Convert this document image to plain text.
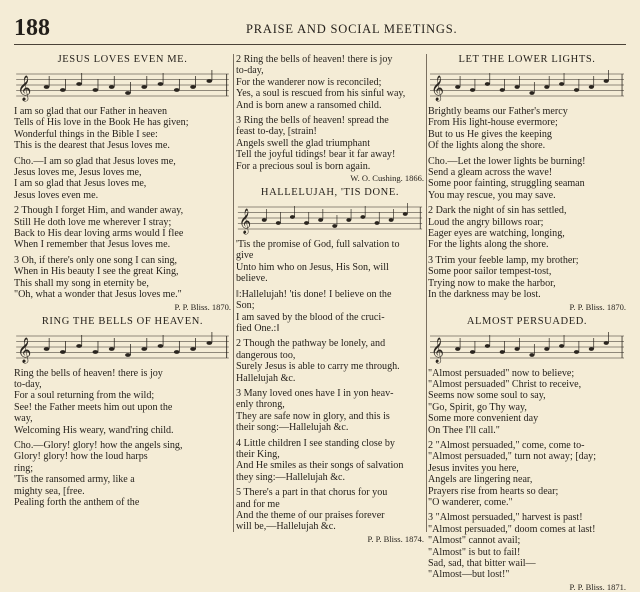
188	PRAISE AND SOCIAL MEETINGS.
JESUS LOVES EVEN ME.
𝄞
I am so glad that our Father in heaven
Tells of His love in the Book He has given;
Wonderful things in the Bible I see:
This is the dearest that Jesus loves me.
Cho.—I am so glad that Jesus loves me,
Jesus loves me, Jesus loves me,
I am so glad that Jesus loves me,
Jesus loves even me.
2 Though I forget Him, and wander away,
Still He doth love me wherever I stray;
Back to His dear loving arms would I flee
When I remember that Jesus loves me.
3 Oh, if there's only one song I can sing,
When in His beauty I see the great King,
This shall my song in eternity be,
"Oh, what a wonder that Jesus loves me."
P. P. Bliss. 1870.
RING THE BELLS OF HEAVEN.
𝄞
Ring the bells of heaven! there is joy
to-day,
For a soul returning from the wild;
See! the Father meets him out upon the
way,
Welcoming His weary, wand'ring child.
Cho.—Glory! glory! how the angels sing,
Glory! glory! how the loud harps
ring;
'Tis the ransomed army, like a
mighty sea, [free.
Pealing forth the anthem of the
2 Ring the bells of heaven! there is joy
to-day,
For the wanderer now is reconciled;
Yes, a soul is rescued from his sinful way,
And is born anew a ransomed child.
3 Ring the bells of heaven! spread the
feast to-day, [strain!
Angels swell the glad triumphant
Tell the joyful tidings! bear it far away!
For a precious soul is born again.
W. O. Cushing. 1866.
HALLELUJAH, 'TIS DONE.
𝄞
'Tis the promise of God, full salvation to
give
Unto him who on Jesus, His Son, will
believe.
‖:Hallelujah! 'tis done! I believe on the
Son;
I am saved by the blood of the cruci-
fied One.:‖
2 Though the pathway be lonely, and
dangerous too,
Surely Jesus is able to carry me through.
Hallelujah &c.
3 Many loved ones have I in yon heav-
enly throng,
They are safe now in glory, and this is
their song:—Hallelujah &c.
4 Little children I see standing close by
their King,
And He smiles as their songs of salvation
they sing:—Hallelujah &c.
5 There's a part in that chorus for you
and for me
And the theme of our praises forever
will be,—Hallelujah &c.
P. P. Bliss. 1874.
LET THE LOWER LIGHTS.
𝄞
Brightly beams our Father's mercy
From His light-house evermore;
But to us He gives the keeping
Of the lights along the shore.
Cho.—Let the lower lights be burning!
Send a gleam across the wave!
Some poor fainting, struggling seaman
You may rescue, you may save.
2 Dark the night of sin has settled,
Loud the angry billows roar;
Eager eyes are watching, longing,
For the lights along the shore.
3 Trim your feeble lamp, my brother;
Some poor sailor tempest-tost,
Trying now to make the harbor,
In the darkness may be lost.
P. P. Bliss. 1870.
ALMOST PERSUADED.
𝄞
"Almost persuaded" now to believe;
"Almost persuaded" Christ to receive,
Seems now some soul to say,
"Go, Spirit, go Thy way,
Some more convenient day
On Thee I'll call."
2 "Almost persuaded," come, come to-
"Almost persuaded," turn not away; [day;
Jesus invites you here,
Angels are lingering near,
Prayers rise from hearts so dear;
"O wanderer, come."
3 "Almost persuaded," harvest is past!
"Almost persuaded," doom comes at last!
"Almost" cannot avail;
"Almost" is but to fail!
Sad, sad, that bitter wail—
"Almost—but lost!"
P. P. Bliss. 1871.
